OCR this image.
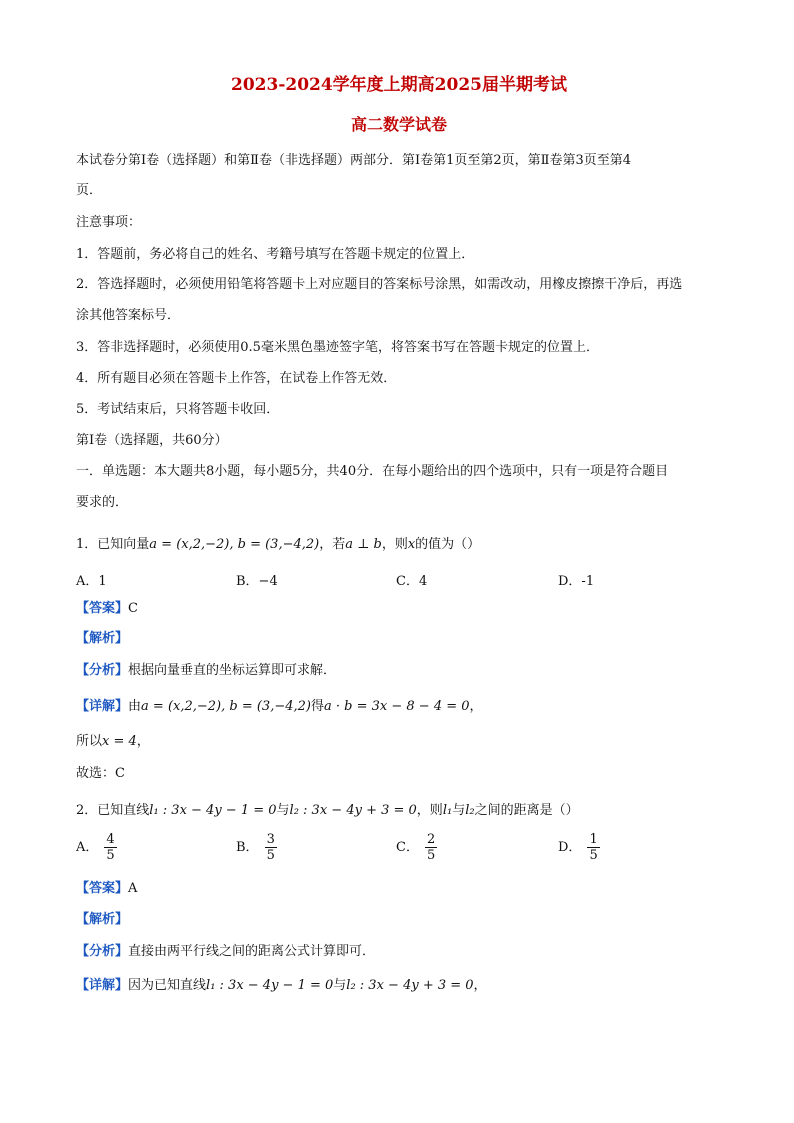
2023-2024学年度上期高2025届半期考试
高二数学试卷
本试卷分第Ⅰ卷（选择题）和第Ⅱ卷（非选择题）两部分．第Ⅰ卷第1页至第2页，第Ⅱ卷第3页至第4
页．
注意事项：
1．答题前，务必将自己的姓名、考籍号填写在答题卡规定的位置上．
2．答选择题时，必须使用铅笔将答题卡上对应题目的答案标号涂黑，如需改动，用橡皮擦擦干净后，再选
涂其他答案标号．
3．答非选择题时，必须使用0.5毫米黑色墨迹签字笔，将答案书写在答题卡规定的位置上．
4．所有题目必须在答题卡上作答，在试卷上作答无效．
5．考试结束后，只将答题卡收回．
第Ⅰ卷（选择题，共60分）
一．单选题：本大题共8小题，每小题5分，共40分．在每小题给出的四个选项中，只有一项是符合题目
要求的．
1．已知向量a = (x,2,−2), b = (3,−4,2)，若a ⊥ b，则x的值为（）
A．1	B．−4	C．4	D．-1
【答案】C
【解析】
【分析】根据向量垂直的坐标运算即可求解．
【详解】由a = (x,2,−2), b = (3,−4,2)得a · b = 3x − 8 − 4 = 0，
所以x = 4，
故选：C
2．已知直线l₁ : 3x − 4y − 1 = 0与l₂ : 3x − 4y + 3 = 0，则l₁与l₂之间的距离是（）
A． $\frac{4}{5}$	B． $\frac{3}{5}$	C． $\frac{2}{5}$	D． $\frac{1}{5}$
【答案】A
【解析】
【分析】直接由两平行线之间的距离公式计算即可．
【详解】因为已知直线l₁ : 3x − 4y − 1 = 0与l₂ : 3x − 4y + 3 = 0，
